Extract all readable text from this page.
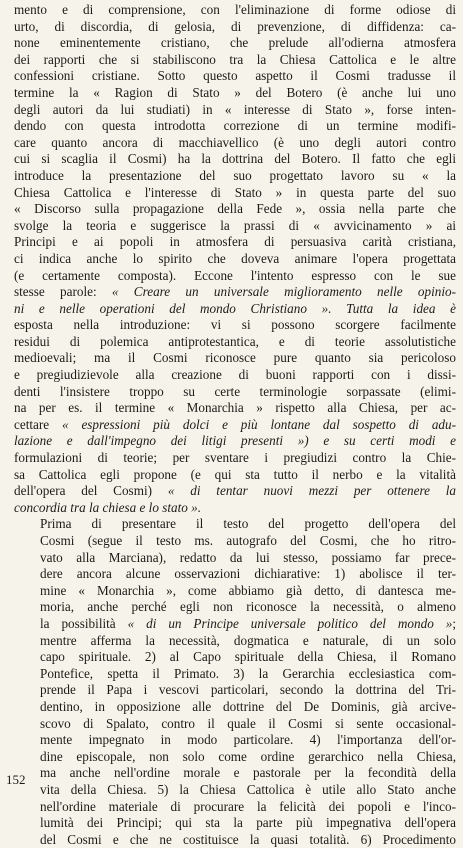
mento e di comprensione, con l'eliminazione di forme odiose di
urto, di discordia, di gelosia, di prevenzione, di diffidenza: ca-
none eminentemente cristiano, che prelude all'odierna atmosfera
dei rapporti che si stabiliscono tra la Chiesa Cattolica e le altre
confessioni cristiane. Sotto questo aspetto il Cosmi tradusse il
termine la « Ragion di Stato » del Botero (è anche lui uno
degli autori da lui studiati) in « interesse di Stato », forse inten-
dendo con questa introdotta correzione di un termine modifi-
care quanto ancora di macchiavellico (è uno degli autori contro
cui si scaglia il Cosmi) ha la dottrina del Botero. Il fatto che egli
introduce la presentazione del suo progettato lavoro su « la
Chiesa Cattolica e l'interesse di Stato » in questa parte del suo
« Discorso sulla propagazione della Fede », ossia nella parte che
svolge la teoria e suggerisce la prassi di « avvicinamento » ai
Principi e ai popoli in atmosfera di persuasiva carità cristiana,
ci indica anche lo spirito che doveva animare l'opera progettata
(e certamente composta). Eccone l'intento espresso con le sue
stesse parole: « Creare un universale miglioramento nelle opinio-
ni e nelle operationi del mondo Christiano ». Tutta la idea è
esposta nella introduzione: vi si possono scorgere facilmente
residui di polemica antiprotestantica, e di teorie assolutistiche
medioevali; ma il Cosmi riconosce pure quanto sia pericoloso
e pregiudizievole alla creazione di buoni rapporti con i dissi-
denti l'insistere troppo su certe terminologie sorpassate (elimi-
na per es. il termine « Monarchia » rispetto alla Chiesa, per ac-
cettare « espressioni più dolci e più lontane dal sospetto di adu-
lazione e dall'impegno dei litigi presenti ») e su certi modi e
formulazioni di teorie; per sventare i pregiudizi contro la Chie-
sa Cattolica egli propone (e qui sta tutto il nerbo e la vitalità
dell'opera del Cosmi) « di tentar nuovi mezzi per ottenere la
concordia tra la chiesa e lo stato ».

Prima di presentare il testo del progetto dell'opera del
Cosmi (segue il testo ms. autografo del Cosmi, che ho ritro-
vato alla Marciana), redatto da lui stesso, possiamo far prece-
dere ancora alcune osservazioni dichiarative: 1) abolisce il ter-
mine « Monarchia », come abbiamo già detto, di dantesca me-
moria, anche perché egli non riconosce la necessità, o almeno
la possibilità « di un Principe universale politico del mondo »;
mentre afferma la necessità, dogmatica e naturale, di un solo
capo spirituale. 2) al Capo spirituale della Chiesa, il Romano
Pontefice, spetta il Primato. 3) la Gerarchia ecclesiastica com-
prende il Papa i vescovi particolari, secondo la dottrina del Tri-
dentino, in opposizione alle dottrine del De Dominis, già arcive-
scovo di Spalato, contro il quale il Cosmi si sente occasional-
mente impegnato in modo particolare. 4) l'importanza dell'or-
dine episcopale, non solo come ordine gerarchico nella Chiesa,
ma anche nell'ordine morale e pastorale per la fecondità della
vita della Chiesa. 5) la Chiesa Cattolica è utile allo Stato anche
nell'ordine materiale di procurare la felicità dei popoli e l'inco-
lumità dei Principi; qui sta la parte più impegnativa dell'opera
del Cosmi e che ne costituisce la quasi totalità. 6) Procedimento

152
